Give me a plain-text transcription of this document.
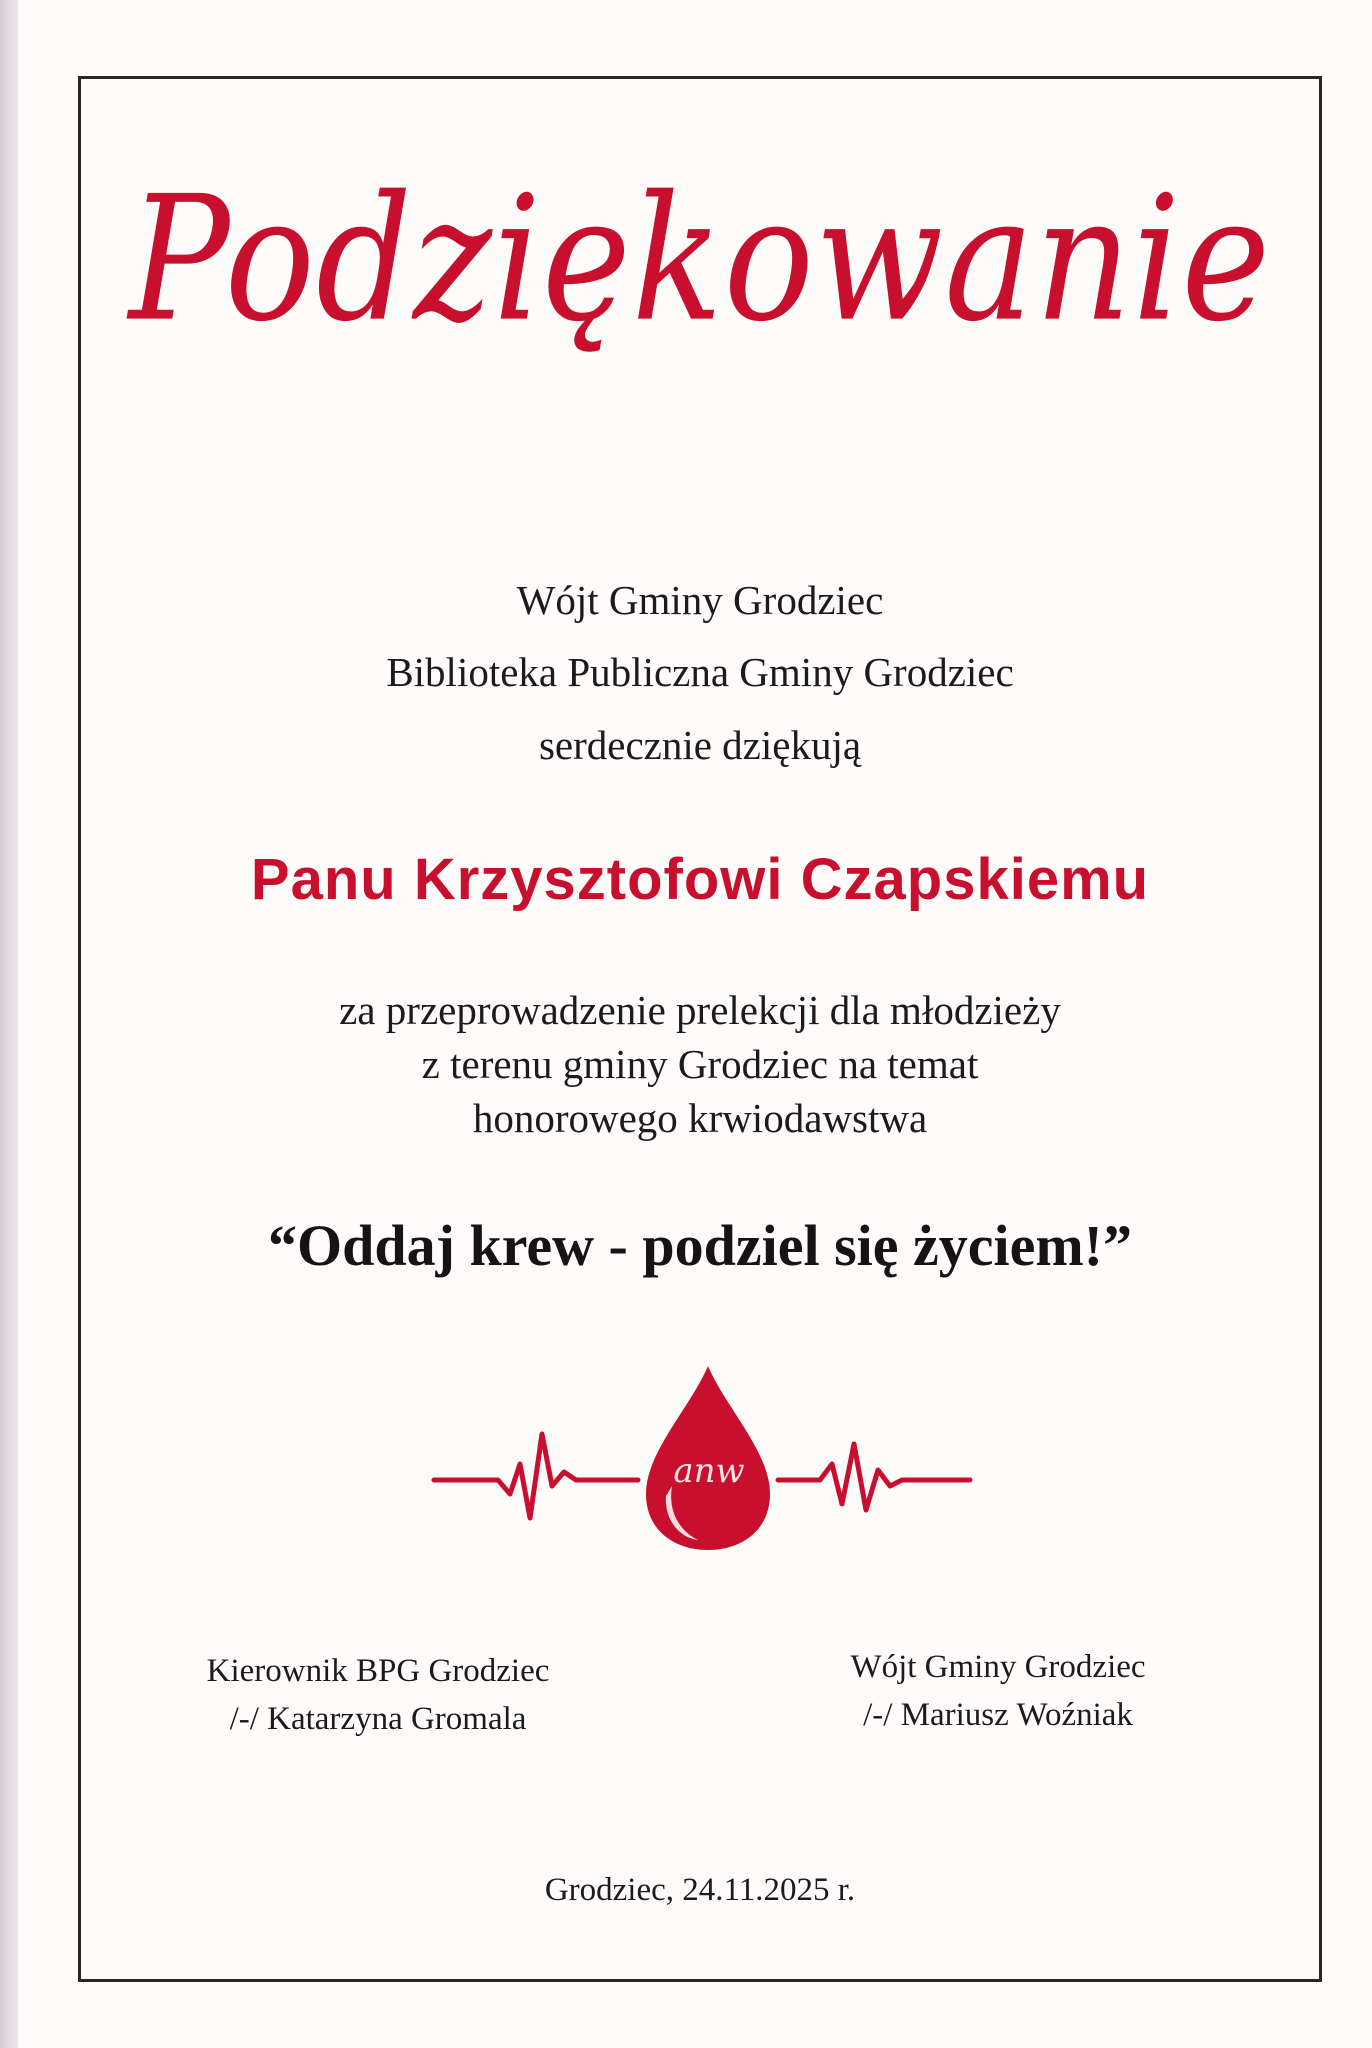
Podziękowanie
Wójt Gminy Grodziec
Biblioteka Publiczna Gminy Grodziec
serdecznie dziękują
Panu Krzysztofowi Czapskiemu
za przeprowadzenie prelekcji dla młodzieży
z terenu gminy Grodziec na temat
honorowego krwiodawstwa
“Oddaj krew - podziel się życiem!”
anw
Kierownik BPG Grodziec
/-/ Katarzyna Gromala
Wójt Gminy Grodziec
/-/ Mariusz Woźniak
Grodziec, 24.11.2025 r.
